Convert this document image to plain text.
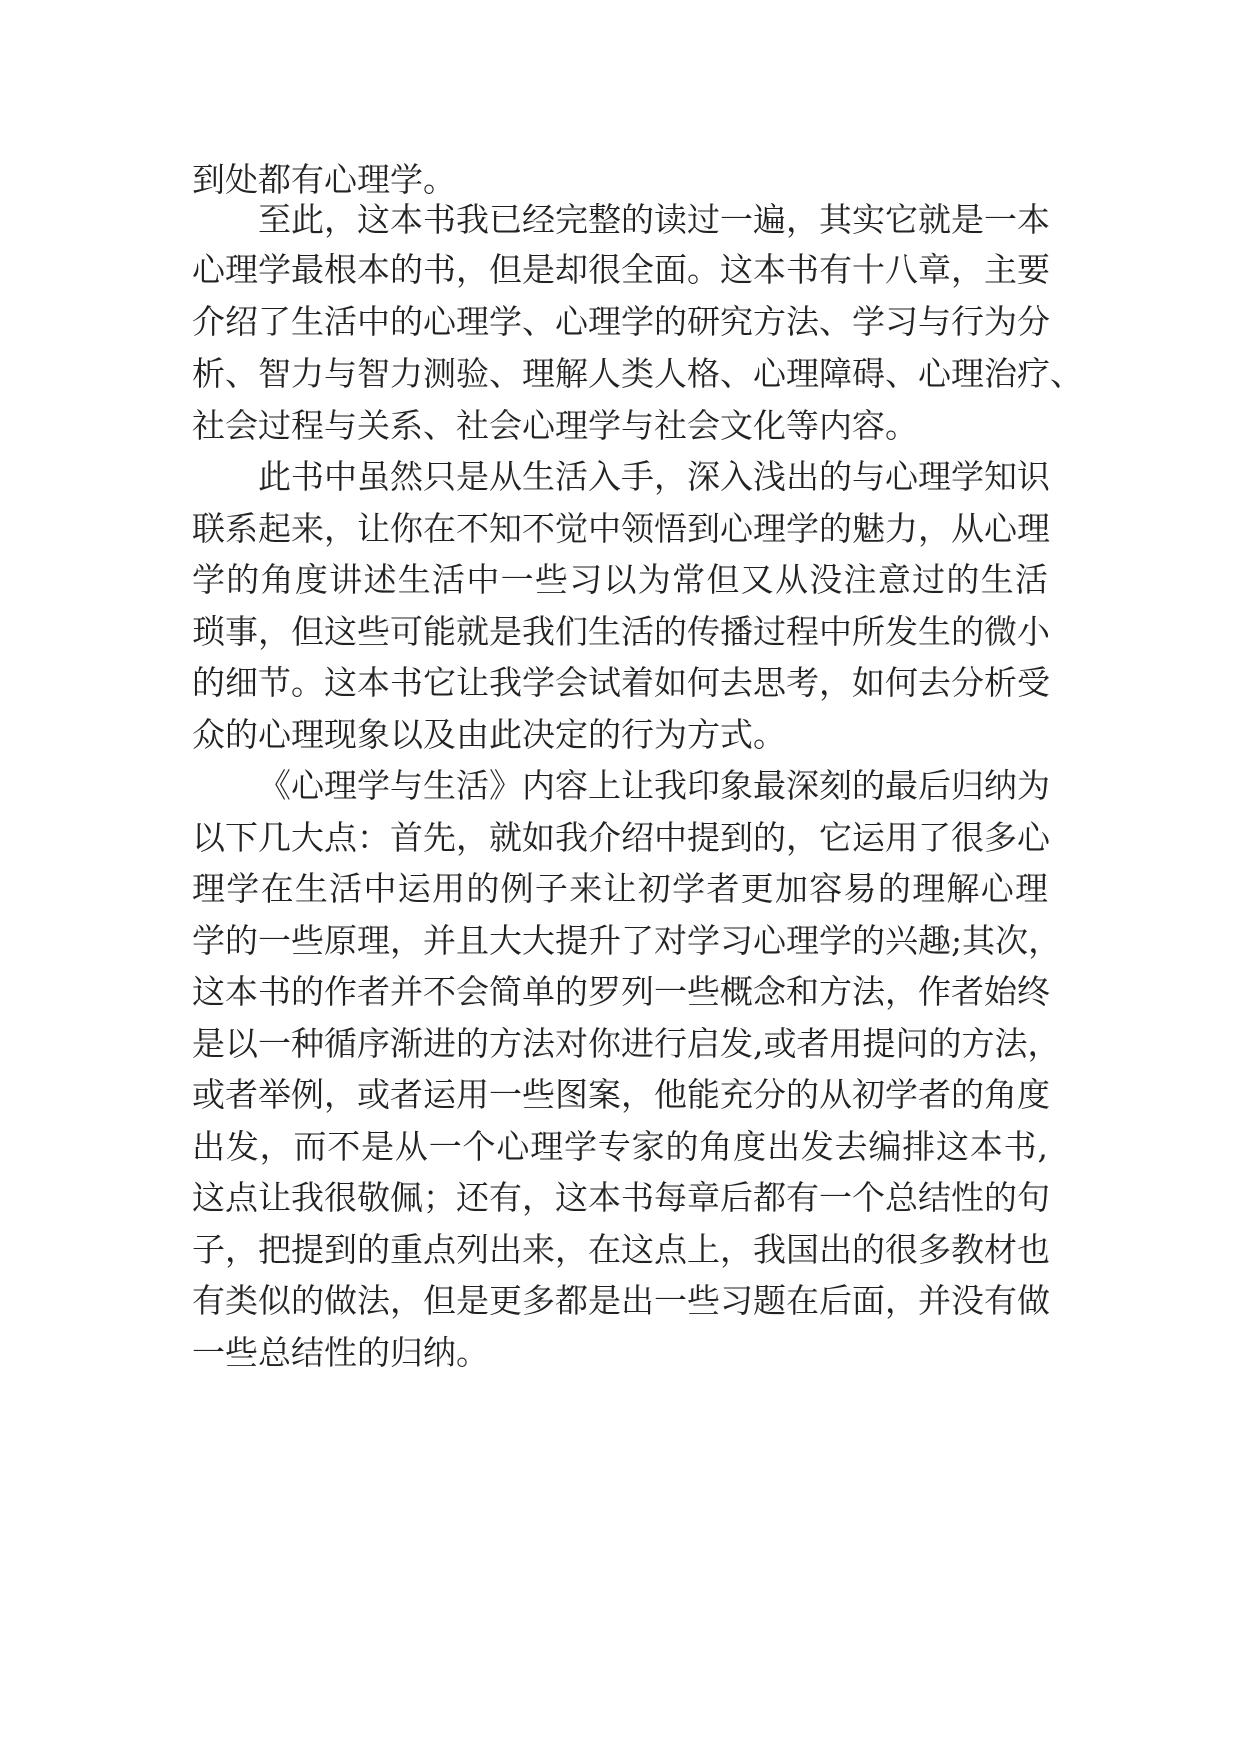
到处都有心理学。
至此，这本书我已经完整的读过一遍，其实它就是一本
心理学最根本的书，但是却很全面。这本书有十八章，主要
介绍了生活中的心理学、心理学的研究方法、学习与行为分
析、智力与智力测验、理解人类人格、心理障碍、心理治疗、
社会过程与关系、社会心理学与社会文化等内容。
此书中虽然只是从生活入手，深入浅出的与心理学知识
联系起来，让你在不知不觉中领悟到心理学的魅力，从心理
学的角度讲述生活中一些习以为常但又从没注意过的生活
琐事，但这些可能就是我们生活的传播过程中所发生的微小
的细节。这本书它让我学会试着如何去思考，如何去分析受
众的心理现象以及由此决定的行为方式。
《心理学与生活》内容上让我印象最深刻的最后归纳为
以下几大点：首先，就如我介绍中提到的，它运用了很多心
理学在生活中运用的例子来让初学者更加容易的理解心理
学的一些原理，并且大大提升了对学习心理学的兴趣;其次，
这本书的作者并不会简单的罗列一些概念和方法，作者始终
是以一种循序渐进的方法对你进行启发,或者用提问的方法，
或者举例，或者运用一些图案，他能充分的从初学者的角度
出发，而不是从一个心理学专家的角度出发去编排这本书,
这点让我很敬佩；还有，这本书每章后都有一个总结性的句
子，把提到的重点列出来，在这点上，我国出的很多教材也
有类似的做法，但是更多都是出一些习题在后面，并没有做
一些总结性的归纳。
